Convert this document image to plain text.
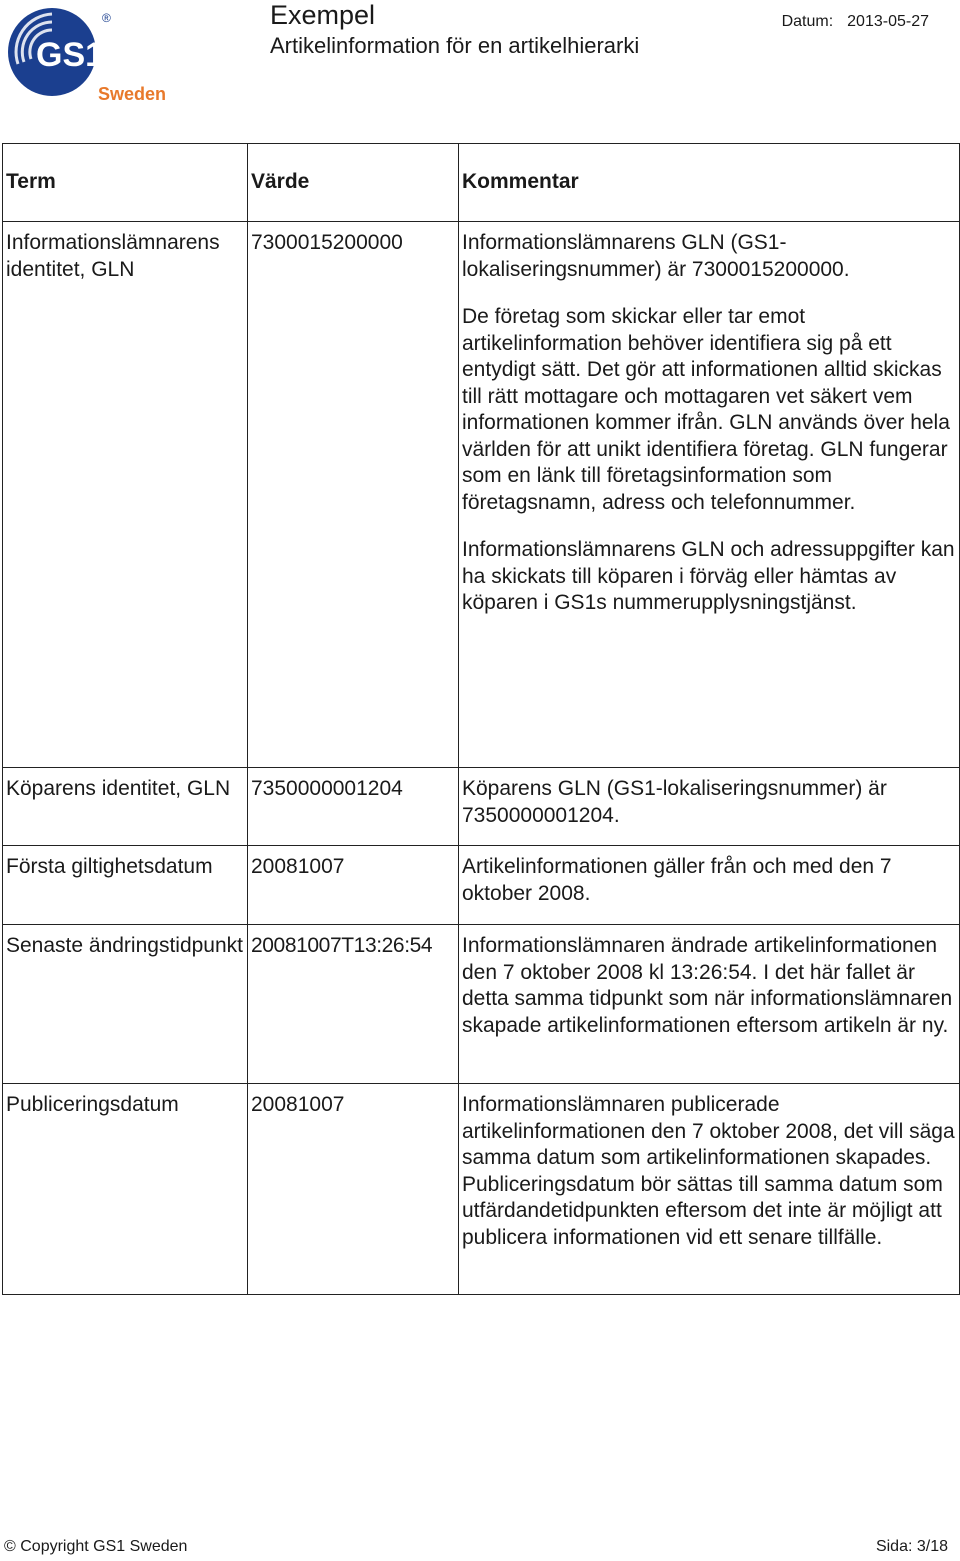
GS1
®
Sweden
Exempel
Artikelinformation för en artikelhierarki
Datum: 2013-05-27
Term	Värde	Kommentar
Informationslämnarens identitet, GLN	7300015200000	Informationslämnarens GLN (GS1-lokaliseringsnummer) är 7300015200000.

De företag som skickar eller tar emot artikelinformation behöver identifiera sig på ett entydigt sätt. Det gör att informationen alltid skickas till rätt mottagare och mottagaren vet säkert vem informationen kommer ifrån. GLN används över hela världen för att unikt identifiera företag. GLN fungerar som en länk till företagsinformation som företagsnamn, adress och telefonnummer.

Informationslämnarens GLN och adressuppgifter kan ha skickats till köparen i förväg eller hämtas av köparen i GS1s nummerupplysningstjänst.

Köparens identitet, GLN	7350000001204	Köparens GLN (GS1-lokaliseringsnummer) är 7350000001204.

Första giltighetsdatum	20081007	Artikelinformationen gäller från och med den 7 oktober 2008.

Senaste ändringstidpunkt	20081007T13:26:54	Informationslämnaren ändrade artikelinformationen den 7 oktober 2008 kl 13:26:54. I det här fallet är detta samma tidpunkt som när informationslämnaren skapade artikelinformationen eftersom artikeln är ny.

Publiceringsdatum	20081007	Informationslämnaren publicerade artikelinformationen den 7 oktober 2008, det vill säga samma datum som artikelinformationen skapades. Publiceringsdatum bör sättas till samma datum som utfärdandetidpunkten eftersom det inte är möjligt att publicera informationen vid ett senare tillfälle.

© Copyright GS1 Sweden	Sida: 3/18
